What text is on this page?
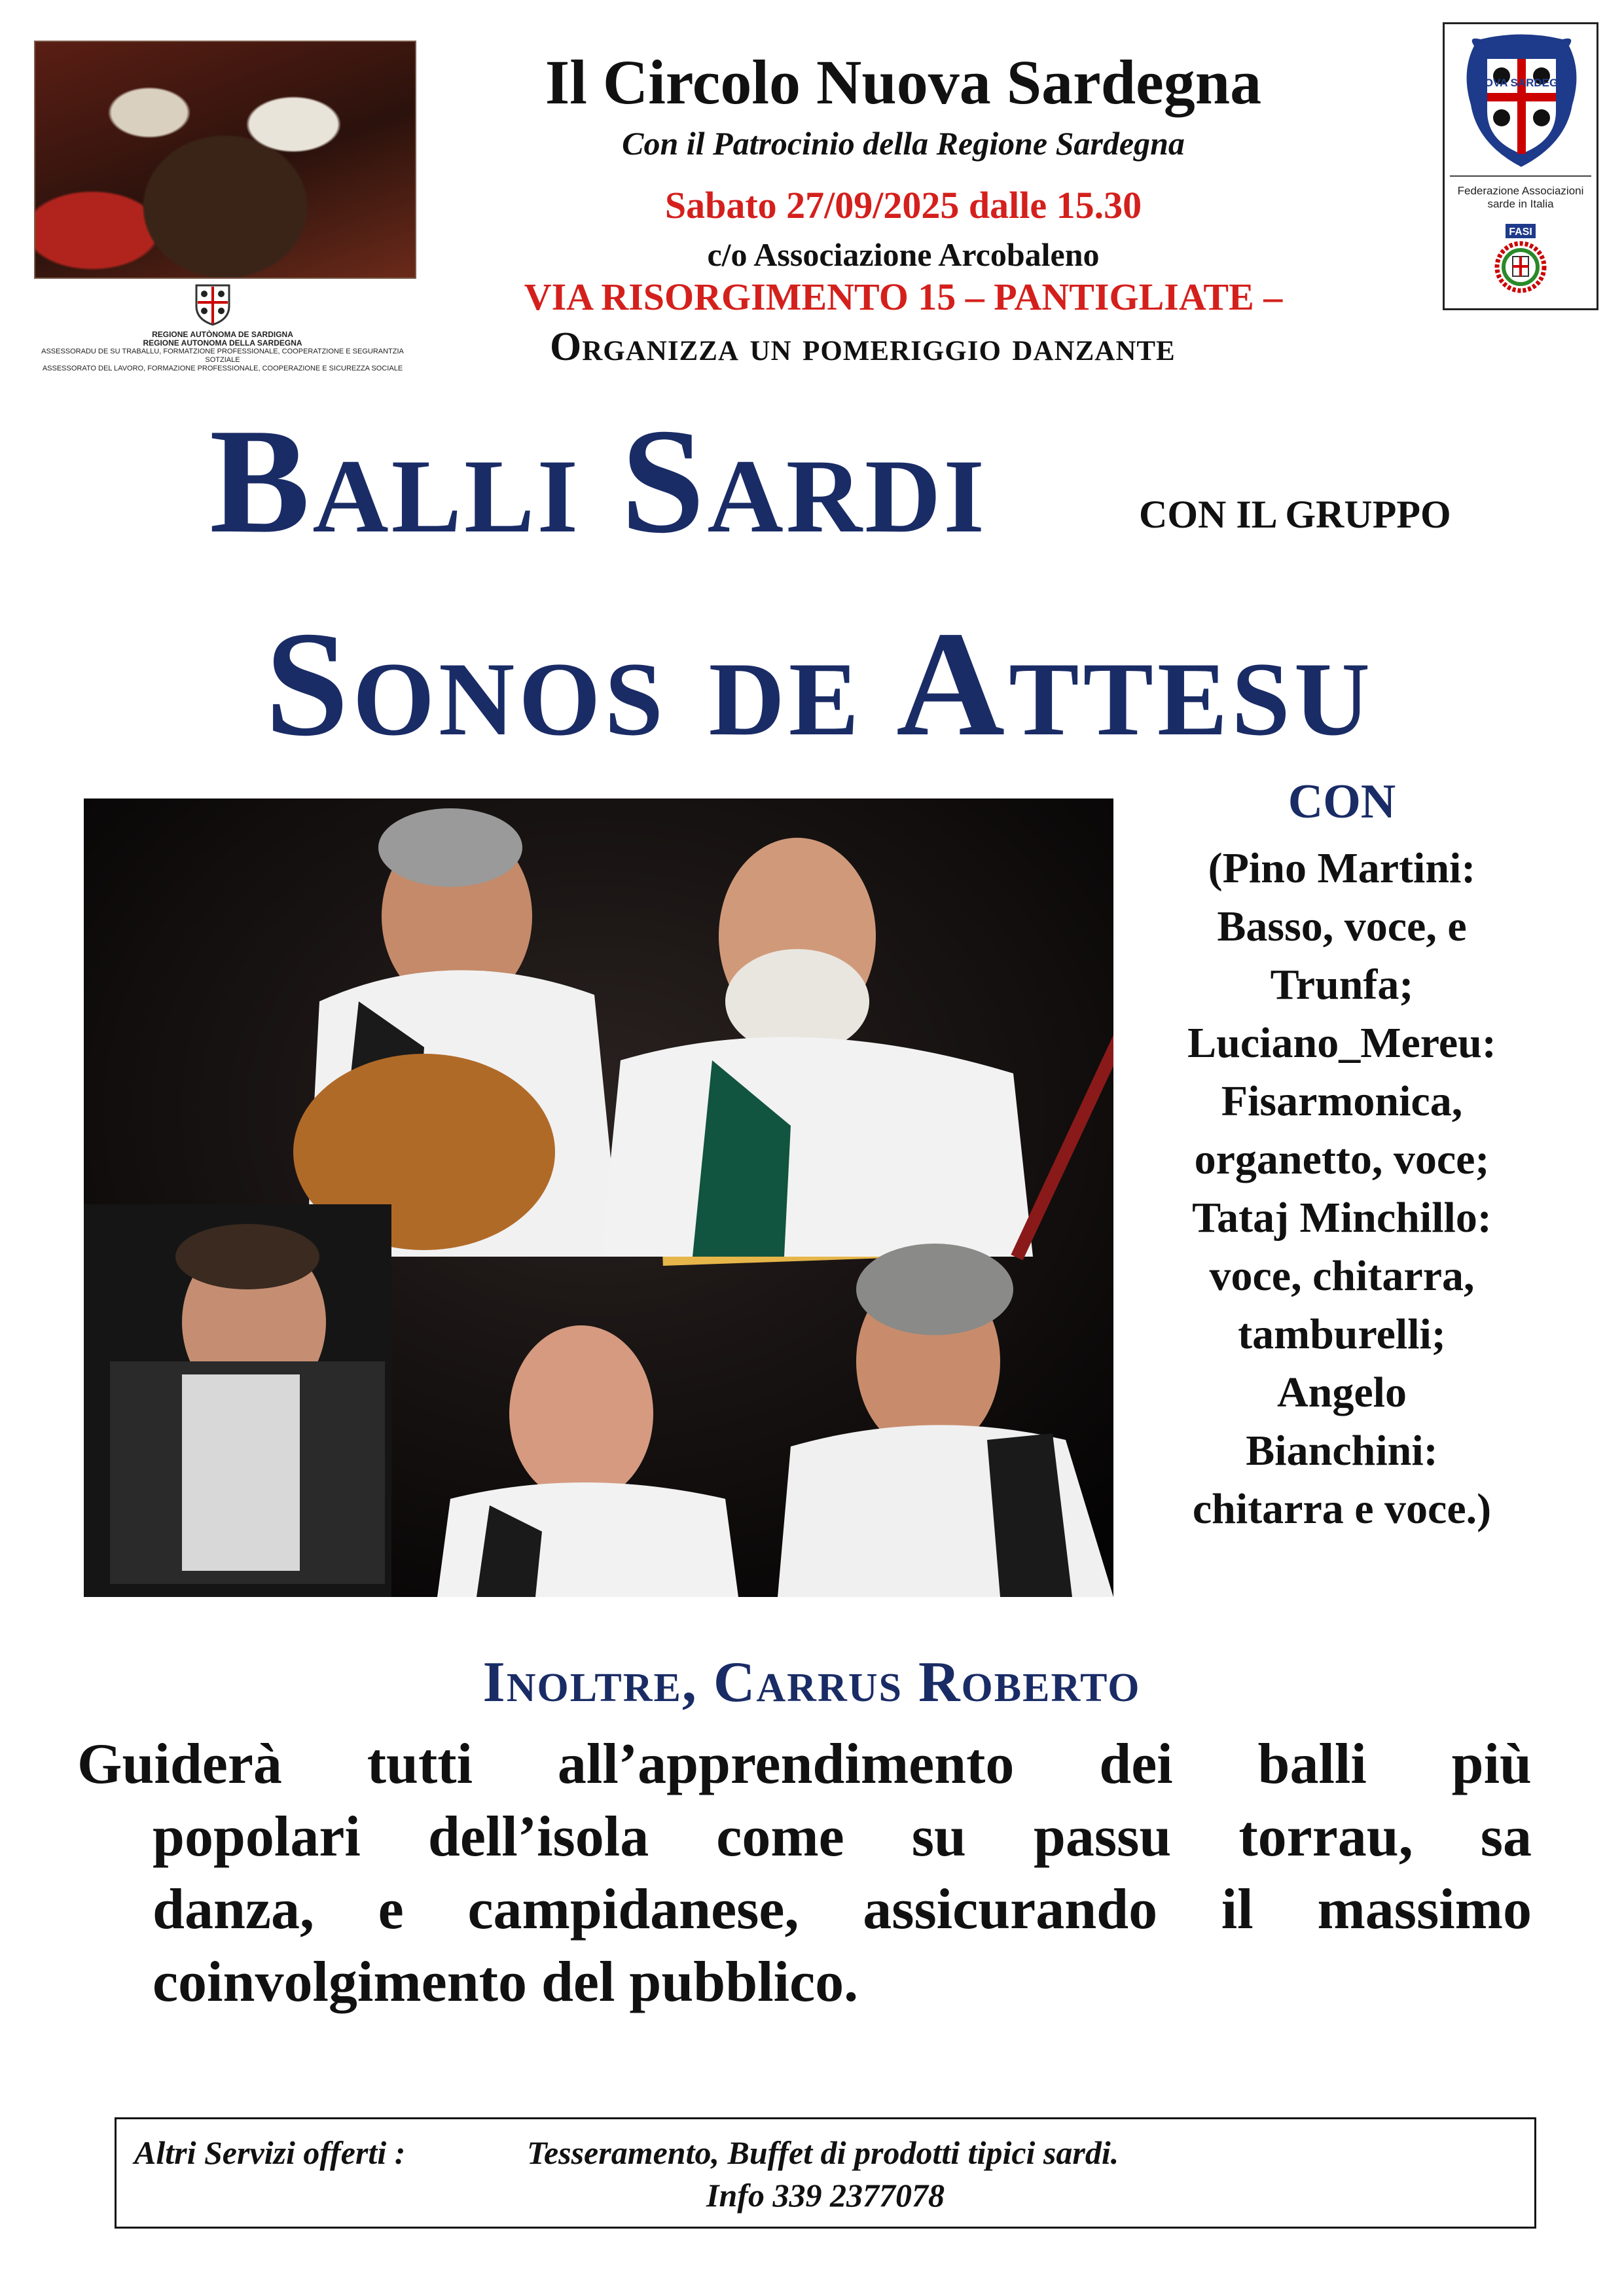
REGIONE AUTÒNOMA DE SARDIGNA
REGIONE AUTONOMA DELLA SARDEGNA
ASSESSORADU DE SU TRABALLU, FORMATZIONE PROFESSIONALE, COOPERATZIONE E SEGURANTZIA SOTZIALE
ASSESSORATO DEL LAVORO, FORMAZIONE PROFESSIONALE, COOPERAZIONE E SICUREZZA SOCIALE
NUOVA SARDEGNA
Federazione Associazioni
sarde in Italia
FASI
Il Circolo Nuova Sardegna
Con il Patrocinio della Regione Sardegna
Sabato 27/09/2025 dalle 15.30
c/o Associazione Arcobaleno
VIA RISORGIMENTO 15 – PANTIGLIATE –
Organizza un pomeriggio danzante
Balli Sardi	CON IL GRUPPO
Sonos de Attesu
CON
(Pino Martini:
Basso, voce, e
Trunfa;
Luciano_Mereu:
Fisarmonica,
organetto, voce;
Tataj Minchillo:
voce, chitarra,
tamburelli;
Angelo
Bianchini:
chitarra e voce.)
Inoltre, Carrus Roberto
Guiderà tutti all’apprendimento dei balli più
popolari dell’isola come su passu torrau, sa
danza, e campidanese, assicurando il massimo
coinvolgimento del pubblico.
Altri Servizi offerti :	Tesseramento, Buffet di prodotti tipici sardi.
Info 339 2377078
